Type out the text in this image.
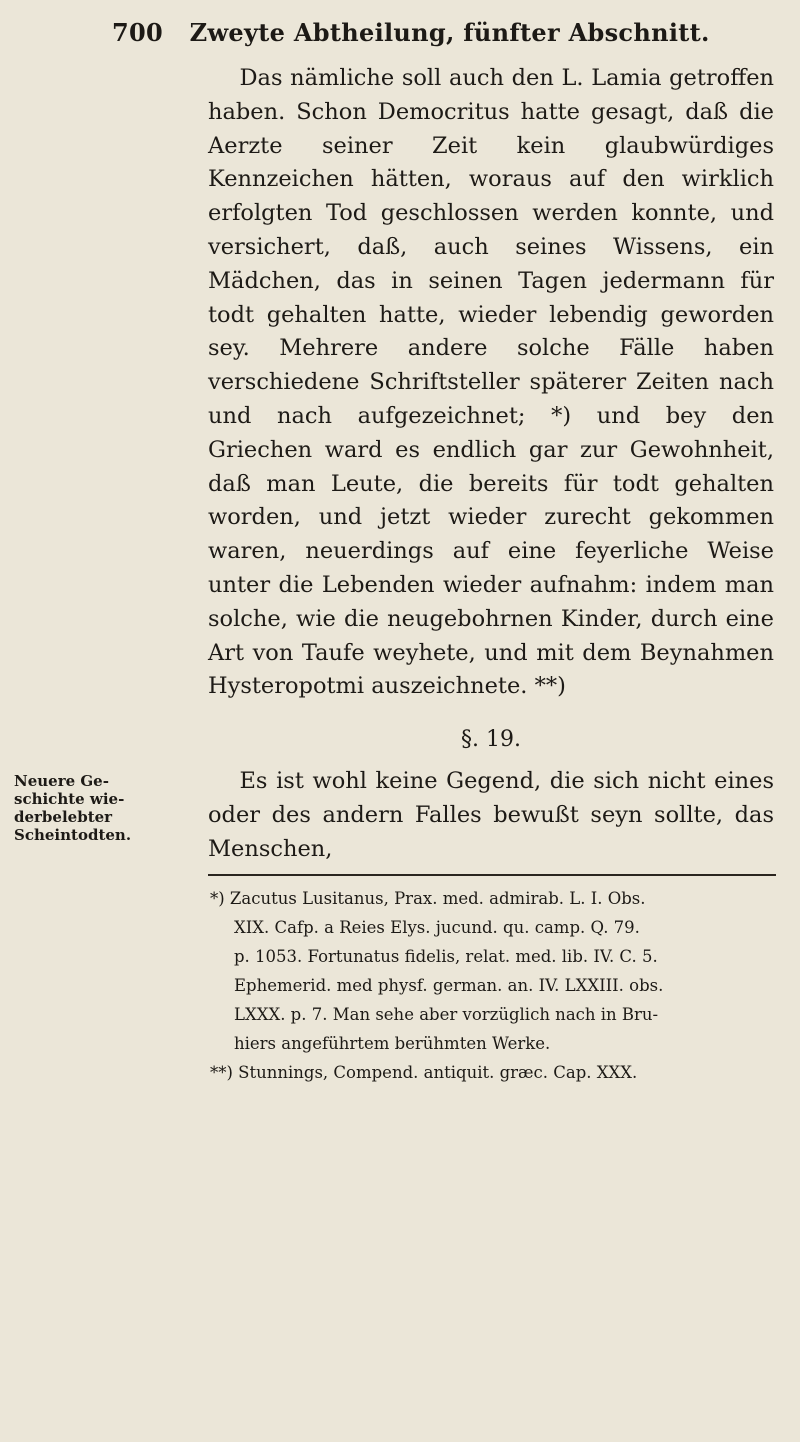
700 Zweyte Abtheilung, fünfter Abschnitt.

Das nämliche soll auch den L. Lamia getroffen haben. Schon Democritus hatte gesagt, daß die Aerzte seiner Zeit kein glaubwürdiges Kennzeichen hätten, woraus auf den wirklich erfolgten Tod geschlossen werden konnte, und versichert, daß, auch seines Wissens, ein Mädchen, das in seinen Tagen jedermann für todt gehalten hatte, wieder lebendig geworden sey. Mehrere andere solche Fälle haben verschiedene Schriftsteller späterer Zeiten nach und nach aufgezeichnet; *) und bey den Griechen ward es endlich gar zur Gewohnheit, daß man Leute, die bereits für todt gehalten worden, und jetzt wieder zurecht gekommen waren, neuerdings auf eine feyerliche Weise unter die Lebenden wieder aufnahm: indem man solche, wie die neugebohrnen Kinder, durch eine Art von Taufe weyhete, und mit dem Beynahmen Hysteropotmi auszeichnete. **)

§. 19.
Neuere Ge-
schichte wie-
derbelebter
Scheintodten.

Es ist wohl keine Gegend, die sich nicht eines oder des andern Falles bewußt seyn sollte, das Menschen,

*) Zacutus Lusitanus, Prax. med. admirab. L. I. Obs.

XIX. Cafp. a Reies Elys. jucund. qu. camp. Q. 79.

p. 1053. Fortunatus fidelis, relat. med. lib. IV. C. 5.

Ephemerid. med physf. german. an. IV. LXXIII. obs.

LXXX. p. 7. Man sehe aber vorzüglich nach in Bru-

hiers angeführtem berühmten Werke.

**) Stunnings, Compend. antiquit. græc. Cap. XXX.
